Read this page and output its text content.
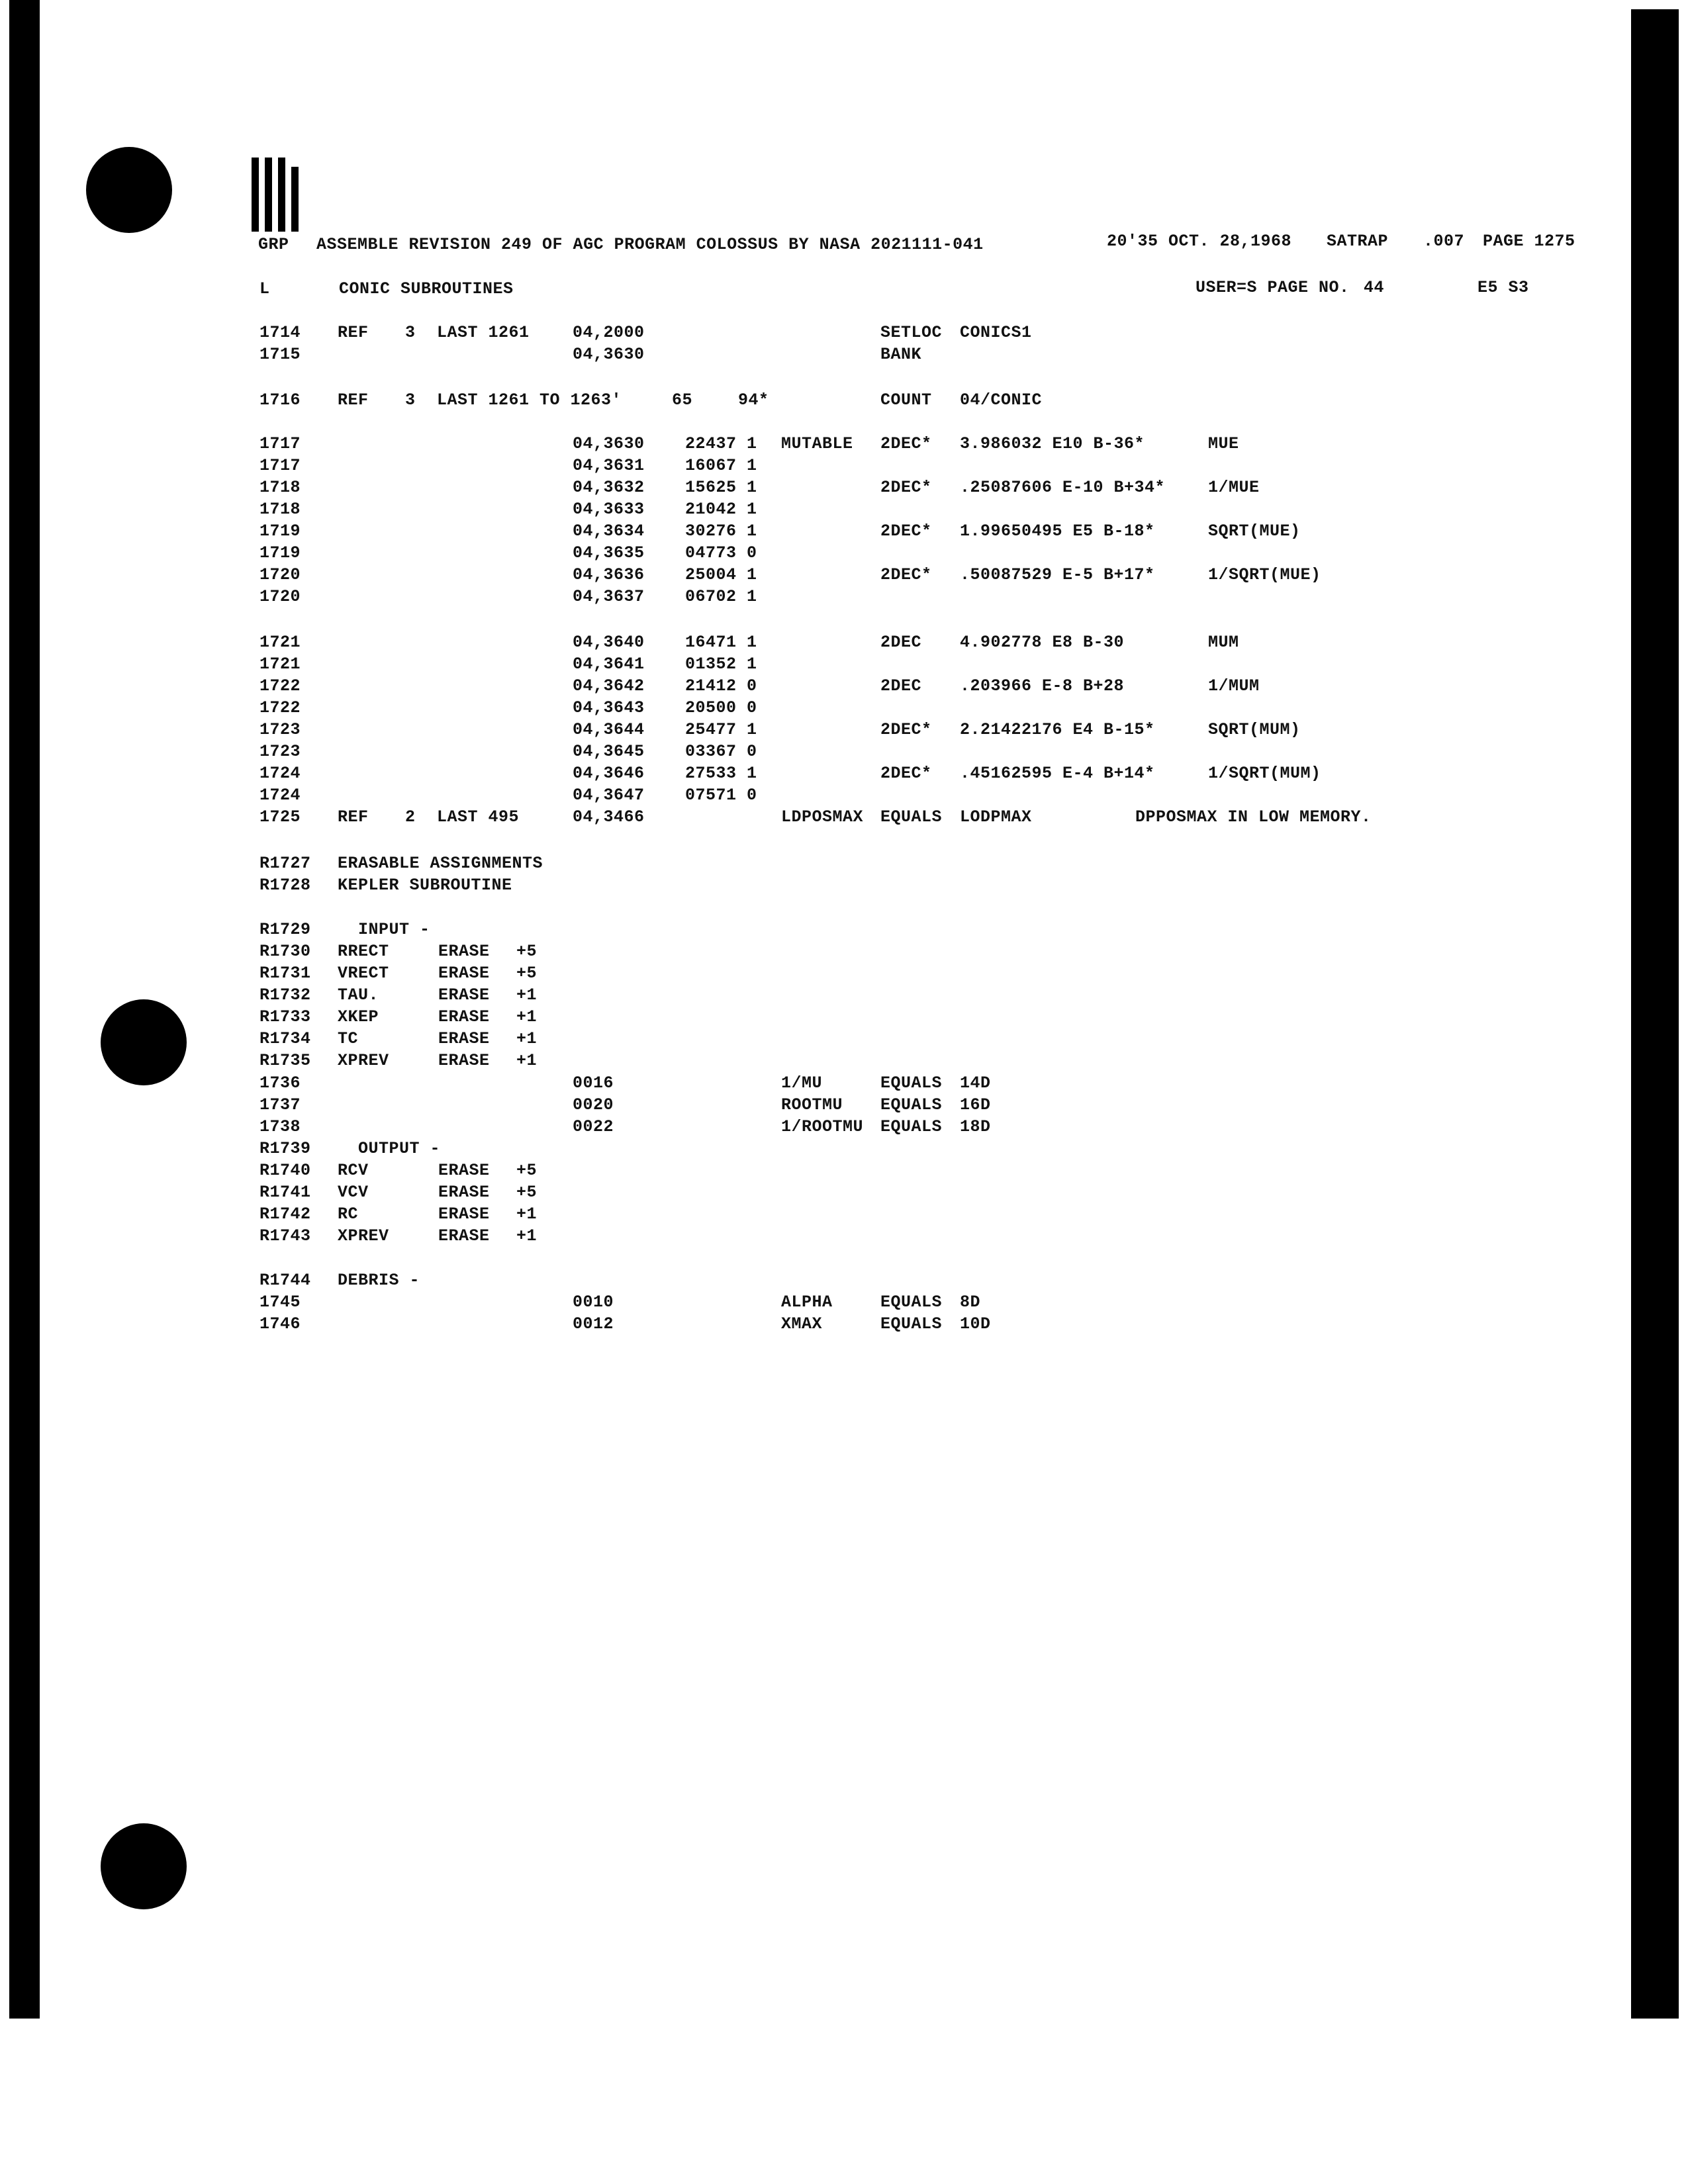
GRP ASSEMBLE REVISION 249 OF AGC PROGRAM COLOSSUS BY NASA 2021111-041	20'35 OCT. 28,1968 SATRAP .007 PAGE 1275
L	CONIC SUBROUTINES	USER=S PAGE NO. 44	E5 S3
1714 REF 3 LAST 1261	04,2000	SETLOC CONICS1
1715	04,3630	BANK
1716 REF 3 LAST 1261 TO 1263'	65	94*	COUNT 04/CONIC
1717	04,3630 22437 1 MUTABLE 2DEC* 3.986032 E10 B-36*	MUE
1717	04,3631 16067 1
1718	04,3632 15625 1	2DEC* .25087606 E-10 B+34*	1/MUE
1718	04,3633 21042 1
1719	04,3634 30276 1	2DEC* 1.99650495 E5 B-18*	SQRT(MUE)
1719	04,3635 04773 0
1720	04,3636 25004 1	2DEC* .50087529 E-5 B+17*	1/SQRT(MUE)
1720	04,3637 06702 1
1721	04,3640 16471 1	2DEC 4.902778 E8 B-30	MUM
1721	04,3641 01352 1
1722	04,3642 21412 0	2DEC .203966 E-8 B+28	1/MUM
1722	04,3643 20500 0
1723	04,3644 25477 1	2DEC* 2.21422176 E4 B-15*	SQRT(MUM)
1723	04,3645 03367 0
1724	04,3646 27533 1	2DEC* .45162595 E-4 B+14*	1/SQRT(MUM)
1724	04,3647 07571 0
1725 REF 2 LAST 495	04,3466	LDPOSMAX EQUALS LODPMAX	DPPOSMAX IN LOW MEMORY.
R1727 ERASABLE ASSIGNMENTS
R1728 KEPLER SUBROUTINE
R1729 INPUT -
R1730 RRECT	ERASE +5
R1731 VRECT	ERASE +5
R1732 TAU.	ERASE +1
R1733 XKEP	ERASE +1
R1734 TC	ERASE +1
R1735 XPREV	ERASE +1
1736	0016	1/MU	EQUALS 14D
1737	0020	ROOTMU EQUALS 16D
1738	0022	1/ROOTMU EQUALS 18D
R1739 OUTPUT -
R1740 RCV	ERASE +5
R1741 VCV	ERASE +5
R1742 RC	ERASE +1
R1743 XPREV	ERASE +1
R1744 DEBRIS -
1745	0010	ALPHA	EQUALS 8D
1746	0012	XMAX	EQUALS 10D
